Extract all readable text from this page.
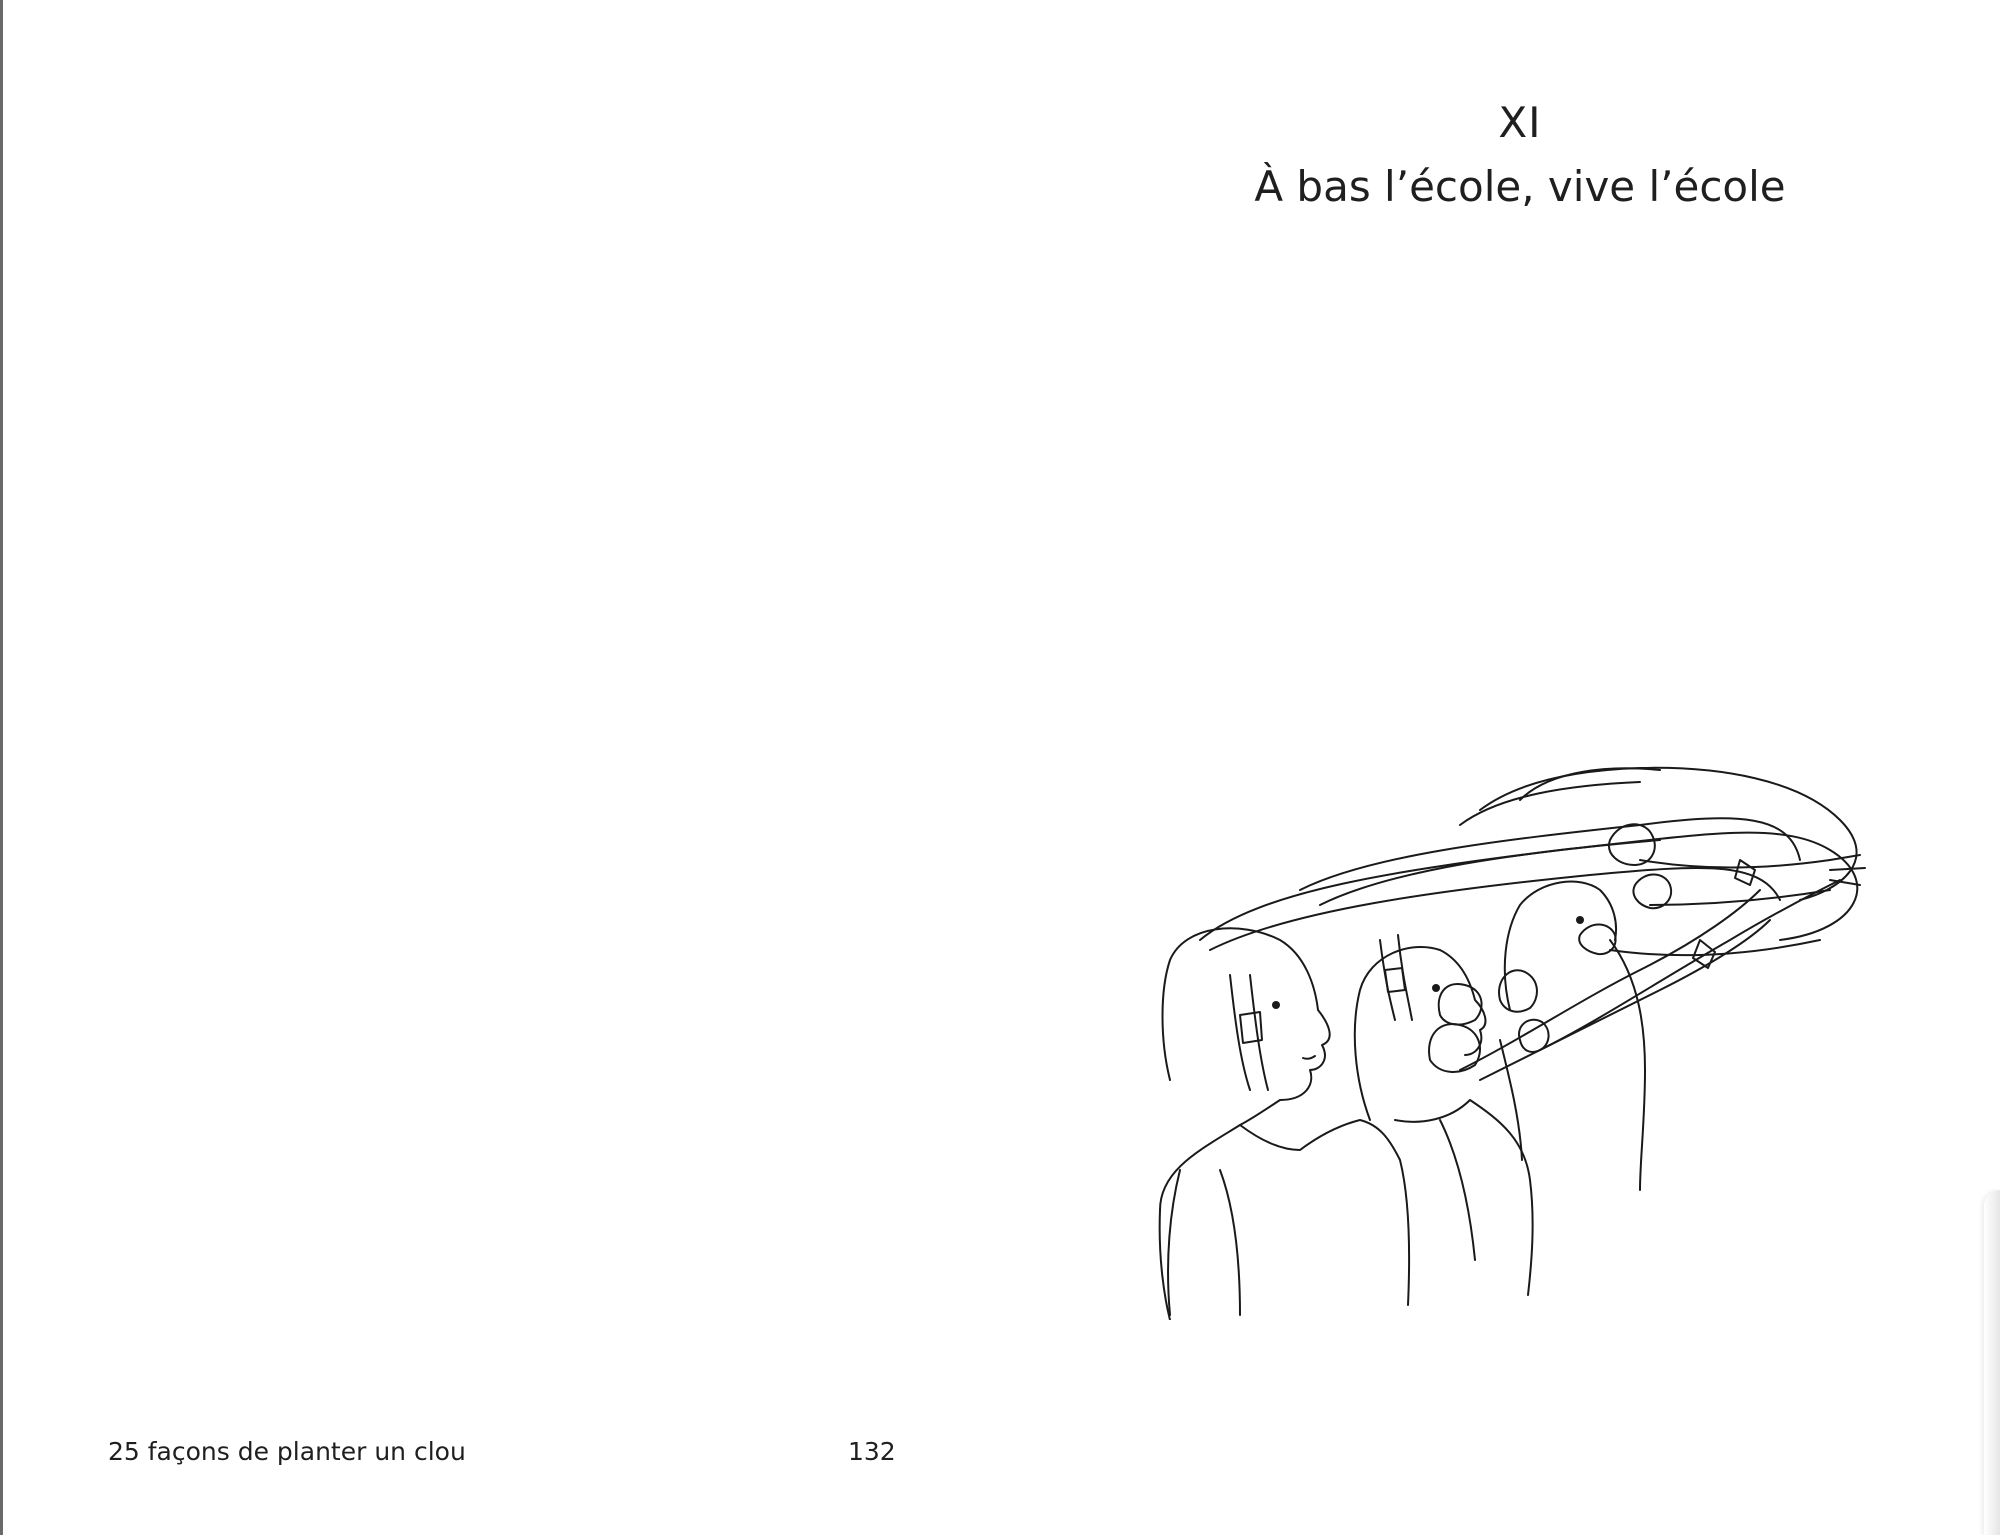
XI
À bas l’école, vive l’école
25 façons de planter un clou	132
